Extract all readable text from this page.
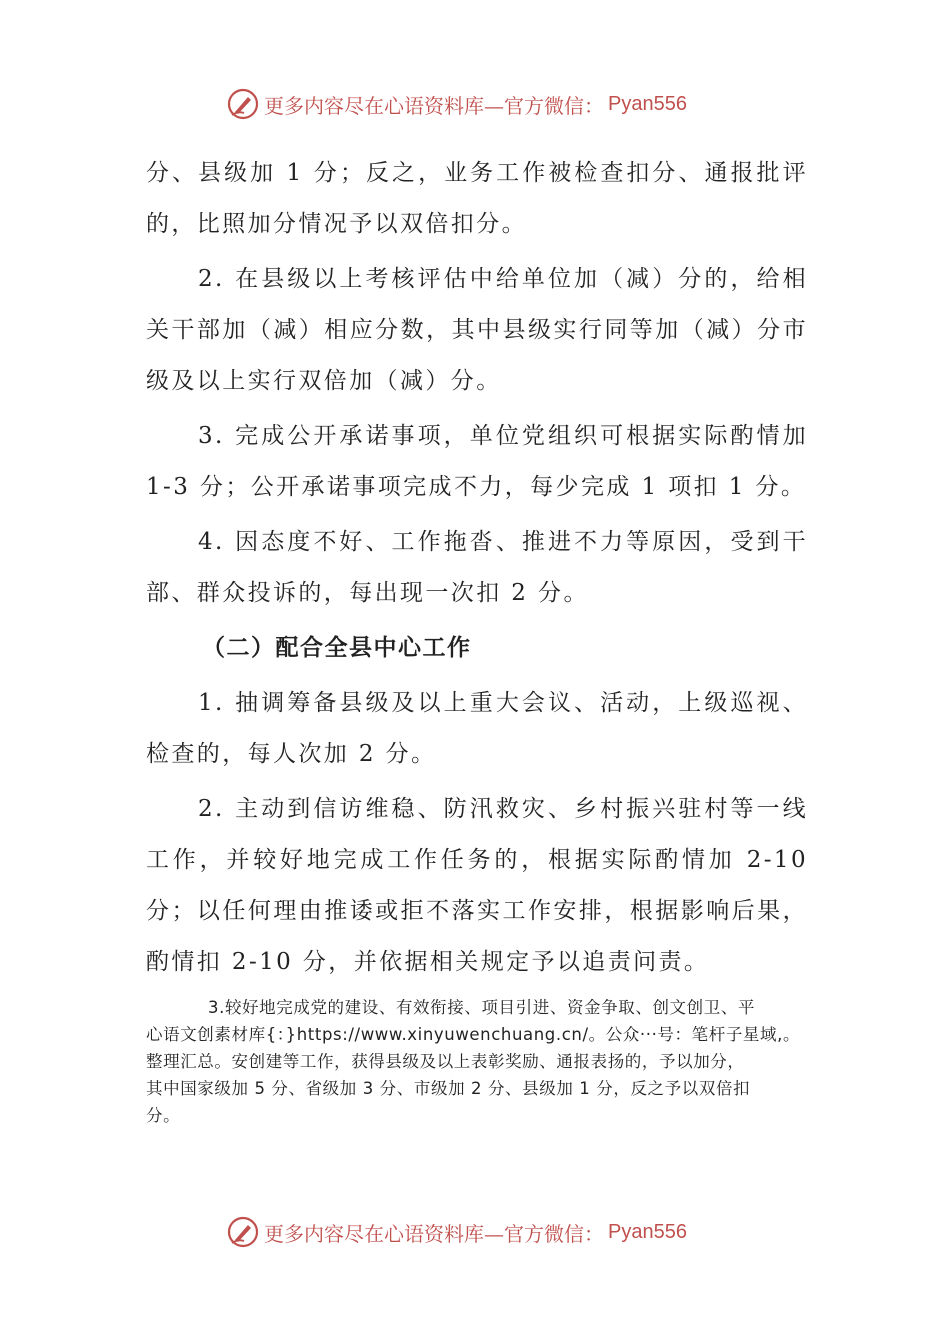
更多内容尽在心语资料库—官方微信： Pyan556

分、县级加 1 分；反之，业务工作被检查扣分、通报批评的，比照加分情况予以双倍扣分。

2. 在县级以上考核评估中给单位加（减）分的，给相关干部加（减）相应分数，其中县级实行同等加（减）分市级及以上实行双倍加（减）分。

3. 完成公开承诺事项，单位党组织可根据实际酌情加 1-3 分；公开承诺事项完成不力，每少完成 1 项扣 1 分。

4. 因态度不好、工作拖沓、推进不力等原因，受到干部、群众投诉的，每出现一次扣 2 分。

（二）配合全县中心工作

1. 抽调筹备县级及以上重大会议、活动，上级巡视、检查的，每人次加 2 分。

2. 主动到信访维稳、防汛救灾、乡村振兴驻村等一线工作，并较好地完成工作任务的，根据实际酌情加 2-10 分；以任何理由推诿或拒不落实工作安排，根据影响后果，酌情扣 2-10 分，并依据相关规定予以追责问责。

3.较好地完成党的建设、有效衔接、项目引进、资金争取、创文创卫、平
心语文创素材库{：}https://www.xinyuwenchuang.cn/。公众···号：笔杆子星域,。
整理汇总。安创建等工作，获得县级及以上表彰奖励、通报表扬的，予以加分，
其中国家级加 5 分、省级加 3 分、市级加 2 分、县级加 1 分，反之予以双倍扣
分。
更多内容尽在心语资料库—官方微信： Pyan556
